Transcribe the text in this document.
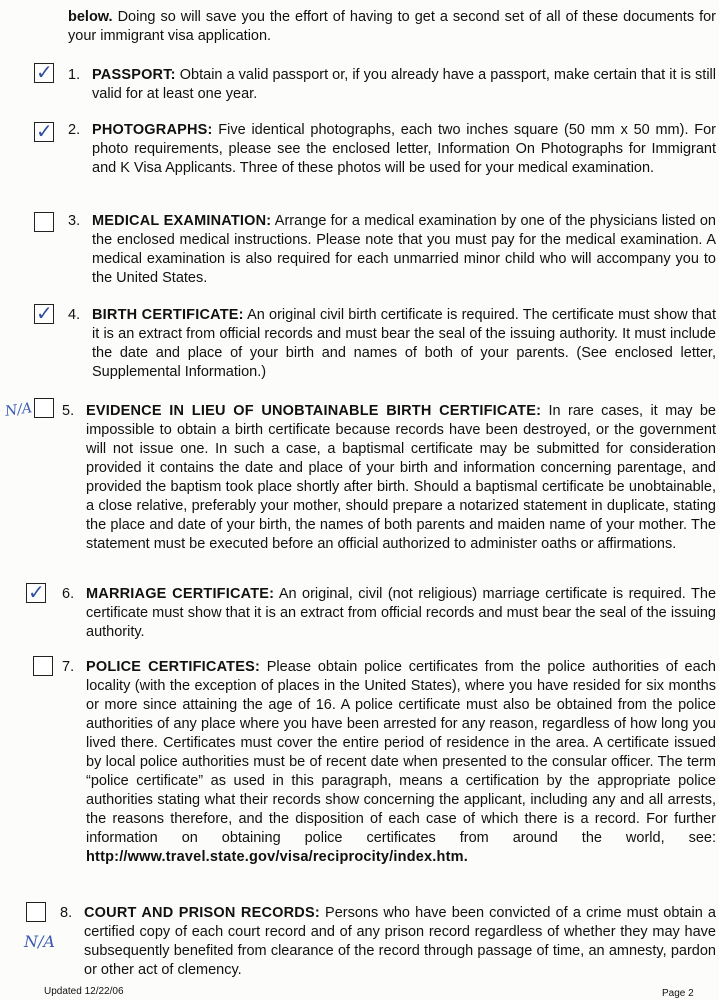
below. Doing so will save you the effort of having to get a second set of all of these documents for your immigrant visa application.
✓ 1. PASSPORT: Obtain a valid passport or, if you already have a passport, make certain that it is still valid for at least one year.
✓ 2. PHOTOGRAPHS: Five identical photographs, each two inches square (50 mm x 50 mm). For photo requirements, please see the enclosed letter, Information On Photographs for Immigrant and K Visa Applicants. Three of these photos will be used for your medical examination.
3. MEDICAL EXAMINATION: Arrange for a medical examination by one of the physicians listed on the enclosed medical instructions. Please note that you must pay for the medical examination. A medical examination is also required for each unmarried minor child who will accompany you to the United States.
✓ 4. BIRTH CERTIFICATE: An original civil birth certificate is required. The certificate must show that it is an extract from official records and must bear the seal of the issuing authority. It must include the date and place of your birth and names of both of your parents. (See enclosed letter, Supplemental Information.)
N/A 5. EVIDENCE IN LIEU OF UNOBTAINABLE BIRTH CERTIFICATE: In rare cases, it may be impossible to obtain a birth certificate because records have been destroyed, or the government will not issue one. In such a case, a baptismal certificate may be submitted for consideration provided it contains the date and place of your birth and information concerning parentage, and provided the baptism took place shortly after birth. Should a baptismal certificate be unobtainable, a close relative, preferably your mother, should prepare a notarized statement in duplicate, stating the place and date of your birth, the names of both parents and maiden name of your mother. The statement must be executed before an official authorized to administer oaths or affirmations.
✓ 6. MARRIAGE CERTIFICATE: An original, civil (not religious) marriage certificate is required. The certificate must show that it is an extract from official records and must bear the seal of the issuing authority.
7. POLICE CERTIFICATES: Please obtain police certificates from the police authorities of each locality (with the exception of places in the United States), where you have resided for six months or more since attaining the age of 16. A police certificate must also be obtained from the police authorities of any place where you have been arrested for any reason, regardless of how long you lived there. Certificates must cover the entire period of residence in the area. A certificate issued by local police authorities must be of recent date when presented to the consular officer. The term “police certificate” as used in this paragraph, means a certification by the appropriate police authorities stating what their records show concerning the applicant, including any and all arrests, the reasons therefore, and the disposition of each case of which there is a record. For further information on obtaining police certificates from around the world, see: http://www.travel.state.gov/visa/reciprocity/index.htm.
N/A
8. COURT AND PRISON RECORDS: Persons who have been convicted of a crime must obtain a certified copy of each court record and of any prison record regardless of whether they may have subsequently benefited from clearance of the record through passage of time, an amnesty, pardon or other act of clemency.
Updated 12/22/06	Page 2
